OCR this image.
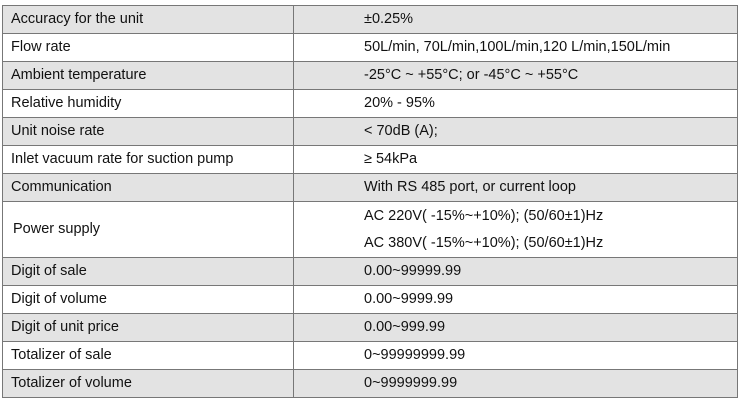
Accuracy for the unit	±0.25%
Flow rate	50L/min, 70L/min,100L/min,120 L/min,150L/min
Ambient temperature	-25°C ~ +55°C; or -45°C ~ +55°C
Relative humidity	20% - 95%
Unit noise rate	< 70dB (A);
Inlet vacuum rate for suction pump	≥ 54kPa
Communication	With RS 485 port, or current loop
Power supply	AC 220V( -15%~+10%); (50/60±1)Hz
AC 380V( -15%~+10%); (50/60±1)Hz

Digit of sale	0.00~99999.99
Digit of volume	0.00~9999.99
Digit of unit price	0.00~999.99
Totalizer of sale	0~99999999.99
Totalizer of volume	0~9999999.99
